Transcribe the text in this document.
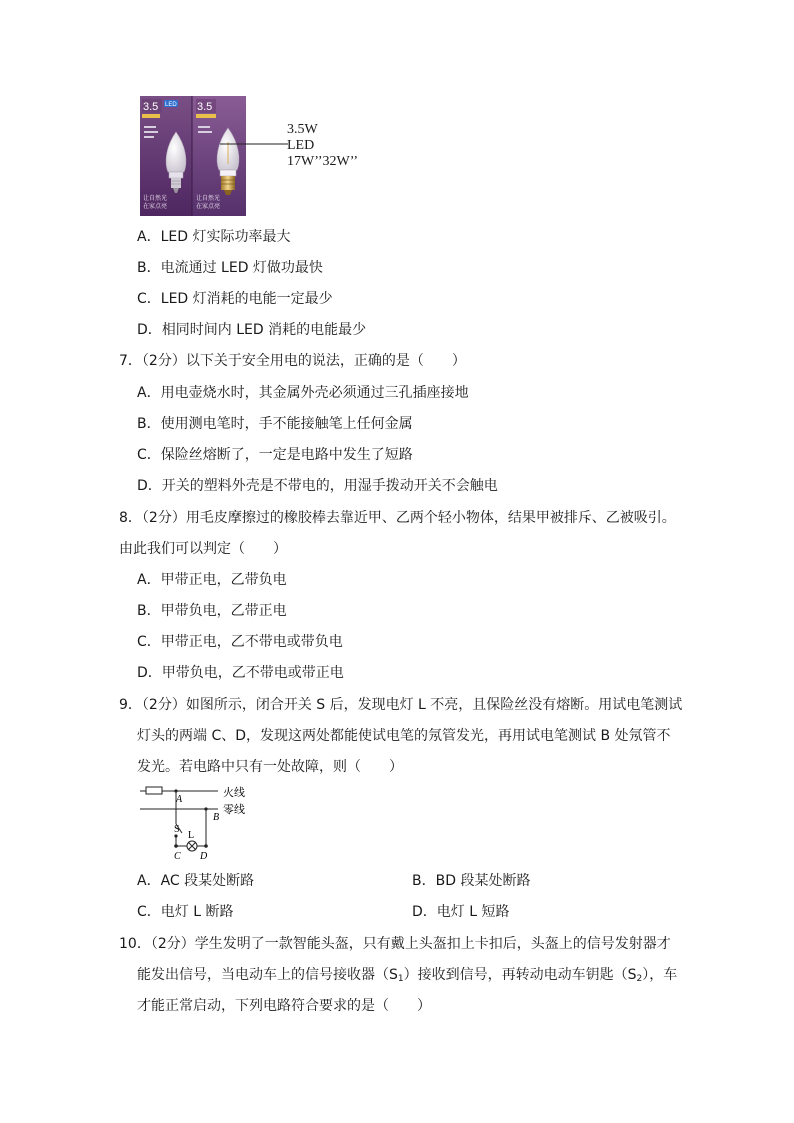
3.5 LED 3.5
让自然光
在家点亮
让自然光
在家点亮
3.5W
LED
17W’’32W’’
A．LED 灯实际功率最大
B．电流通过 LED 灯做功最快
C．LED 灯消耗的电能一定最少
D．相同时间内 LED 消耗的电能最少
7．（2分）以下关于安全用电的说法，正确的是（　　）
A．用电壶烧水时，其金属外壳必须通过三孔插座接地
B．使用测电笔时，手不能接触笔上任何金属
C．保险丝熔断了，一定是电路中发生了短路
D．开关的塑料外壳是不带电的，用湿手拨动开关不会触电
8．（2分）用毛皮摩擦过的橡胶棒去靠近甲、乙两个轻小物体，结果甲被排斥、乙被吸引。
由此我们可以判定（　　）
A．甲带正电，乙带负电
B．甲带负电，乙带正电
C．甲带正电，乙不带电或带负电
D．甲带负电，乙不带电或带正电
9．（2分）如图所示，闭合开关 S 后，发现电灯 L 不亮，且保险丝没有熔断。用试电笔测试
灯头的两端 C、D，发现这两处都能使试电笔的氖管发光，再用试电笔测试 B 处氖管不
发光。若电路中只有一处故障，则（　　）
A
B
S
L
C D
火线
零线
A．AC 段某处断路	B．BD 段某处断路
C．电灯 L 断路	D．电灯 L 短路
10．（2分）学生发明了一款智能头盔，只有戴上头盔扣上卡扣后，头盔上的信号发射器才
能发出信号，当电动车上的信号接收器$(S_1)$接收到信号，再转动电动车钥匙$(S_2)$，车
才能正常启动，下列电路符合要求的是（　　）
